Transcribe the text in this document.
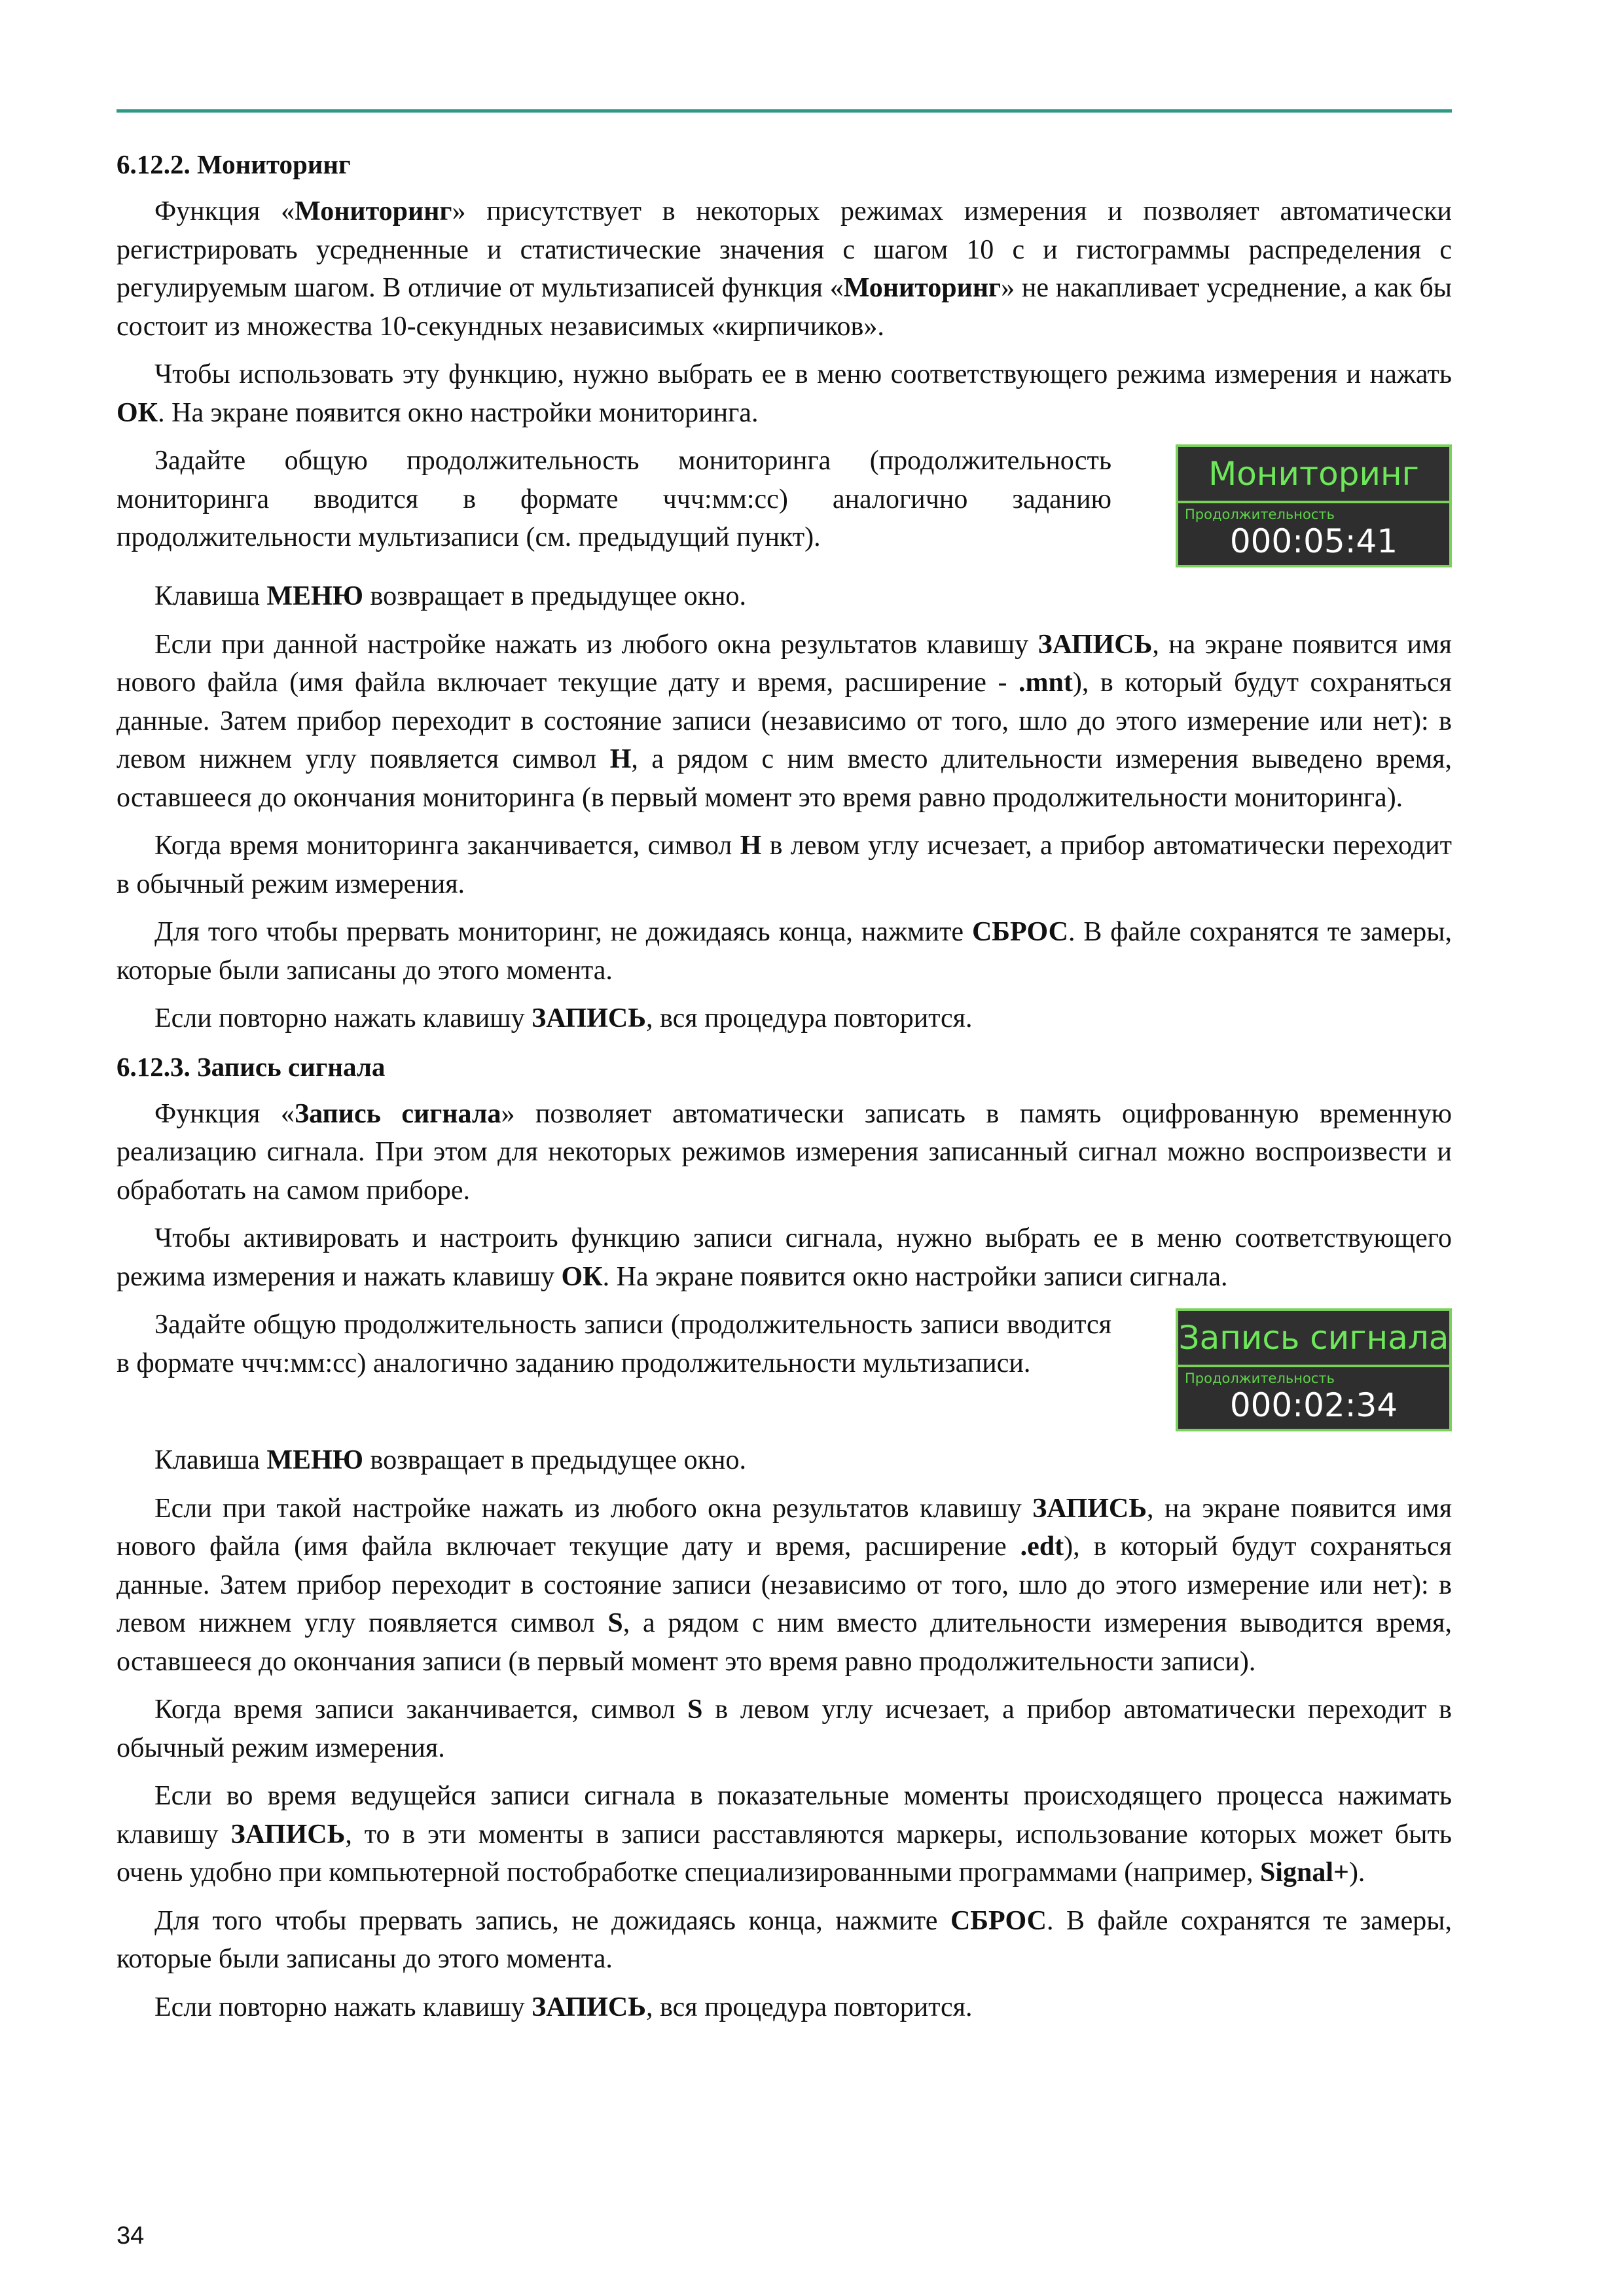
6.12.2. Мониторинг

Функция «Мониторинг» присутствует в некоторых режимах измерения и позволяет автоматически регистрировать усредненные и статистические значения с шагом 10 с и гистограммы распределения с регулируемым шагом. В отличие от мультизаписей функция «Мониторинг» не накапливает усреднение, а как бы состоит из множества 10-секундных независимых «кирпичиков».

Чтобы использовать эту функцию, нужно выбрать ее в меню соответствующего режима измерения и нажать ОК. На экране появится окно настройки мониторинга.

Задайте общую продолжительность мониторинга (продолжительность мониторинга вводится в формате ччч:мм:сс) аналогично заданию продолжительности мультизаписи (см. предыдущий пункт).

Мониторинг
Продолжительность
000:05:41

Клавиша МЕНЮ возвращает в предыдущее окно.

Если при данной настройке нажать из любого окна результатов клавишу ЗАПИСЬ, на экране появится имя нового файла (имя файла включает текущие дату и время, расширение - .mnt), в который будут сохраняться данные. Затем прибор переходит в состояние записи (независимо от того, шло до этого измерение или нет): в левом нижнем углу появляется символ Н, а рядом с ним вместо длительности измерения выведено время, оставшееся до окончания мониторинга (в первый момент это время равно продолжительности мониторинга).

Когда время мониторинга заканчивается, символ Н в левом углу исчезает, а прибор автоматически переходит в обычный режим измерения.

Для того чтобы прервать мониторинг, не дожидаясь конца, нажмите СБРОС. В файле сохранятся те замеры, которые были записаны до этого момента.

Если повторно нажать клавишу ЗАПИСЬ, вся процедура повторится.

6.12.3. Запись сигнала

Функция «Запись сигнала» позволяет автоматически записать в память оцифрованную временную реализацию сигнала. При этом для некоторых режимов измерения записанный сигнал можно воспроизвести и обработать на самом приборе.

Чтобы активировать и настроить функцию записи сигнала, нужно выбрать ее в меню соответствующего режима измерения и нажать клавишу ОК. На экране появится окно настройки записи сигнала.

Задайте общую продолжительность записи (продолжительность записи вводится в формате ччч:мм:сс) аналогично заданию продолжительности мультизаписи.

Запись сигнала
Продолжительность
000:02:34

Клавиша МЕНЮ возвращает в предыдущее окно.

Если при такой настройке нажать из любого окна результатов клавишу ЗАПИСЬ, на экране появится имя нового файла (имя файла включает текущие дату и время, расширение .edt), в который будут сохраняться данные. Затем прибор переходит в состояние записи (независимо от того, шло до этого измерение или нет): в левом нижнем углу появляется символ S, а рядом с ним вместо длительности измерения выводится время, оставшееся до окончания записи (в первый момент это время равно продолжительности записи).

Когда время записи заканчивается, символ S в левом углу исчезает, а прибор автоматически переходит в обычный режим измерения.

Если во время ведущейся записи сигнала в показательные моменты происходящего процесса нажимать клавишу ЗАПИСЬ, то в эти моменты в записи расставляются маркеры, использование которых может быть очень удобно при компьютерной постобработке специализированными программами (например, Signal+).

Для того чтобы прервать запись, не дожидаясь конца, нажмите СБРОС. В файле сохранятся те замеры, которые были записаны до этого момента.

Если повторно нажать клавишу ЗАПИСЬ, вся процедура повторится.

34
